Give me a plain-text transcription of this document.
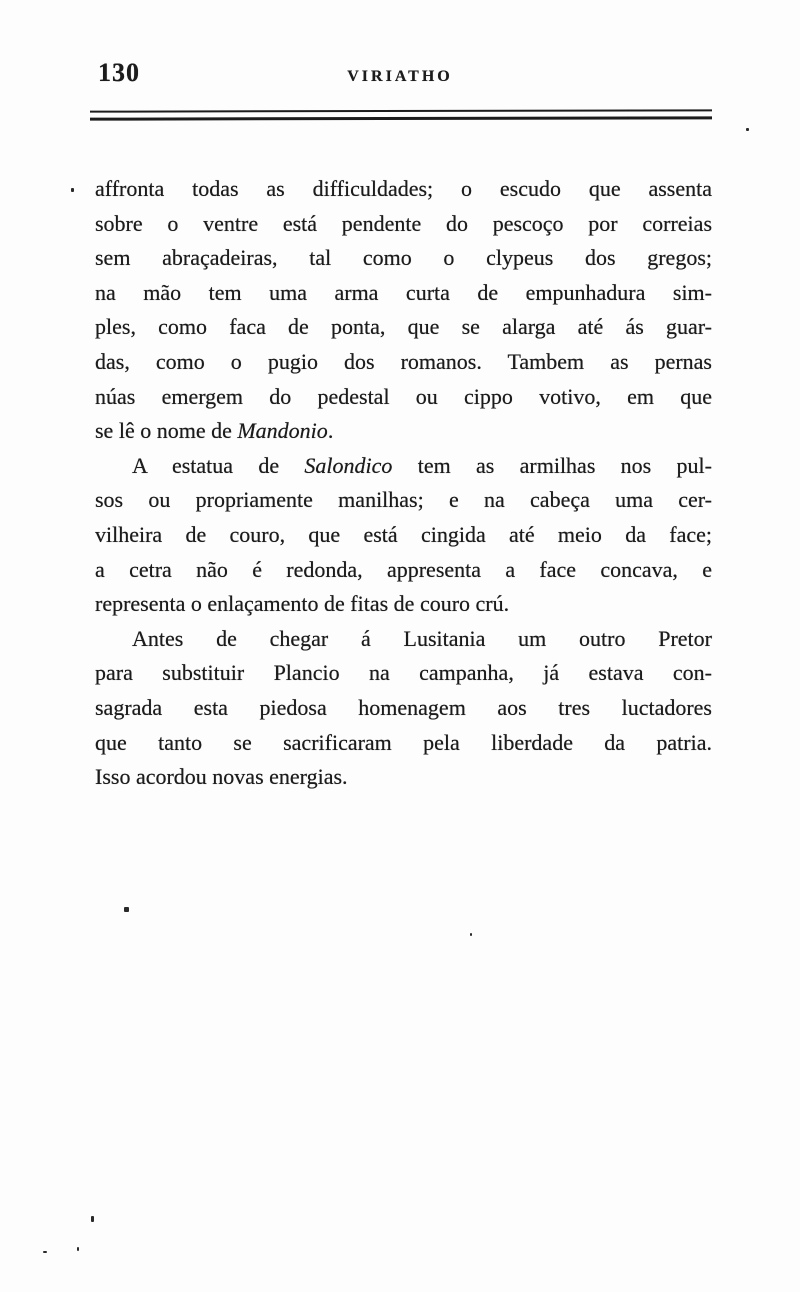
130	VIRIATHO
affronta todas as difficuldades; o escudo que assenta
sobre o ventre está pendente do pescoço por correias
sem abraçadeiras, tal como o clypeus dos gregos;
na mão tem uma arma curta de empunhadura sim-
ples, como faca de ponta, que se alarga até ás guar-
das, como o pugio dos romanos. Tambem as pernas
núas emergem do pedestal ou cippo votivo, em que
se lê o nome de Mandonio.
A estatua de Salondico tem as armilhas nos pul-
sos ou propriamente manilhas; e na cabeça uma cer-
vilheira de couro, que está cingida até meio da face;
a cetra não é redonda, appresenta a face concava, e
representa o enlaçamento de fitas de couro crú.
Antes de chegar á Lusitania um outro Pretor
para substituir Plancio na campanha, já estava con-
sagrada esta piedosa homenagem aos tres luctadores
que tanto se sacrificaram pela liberdade da patria.
Isso acordou novas energias.
